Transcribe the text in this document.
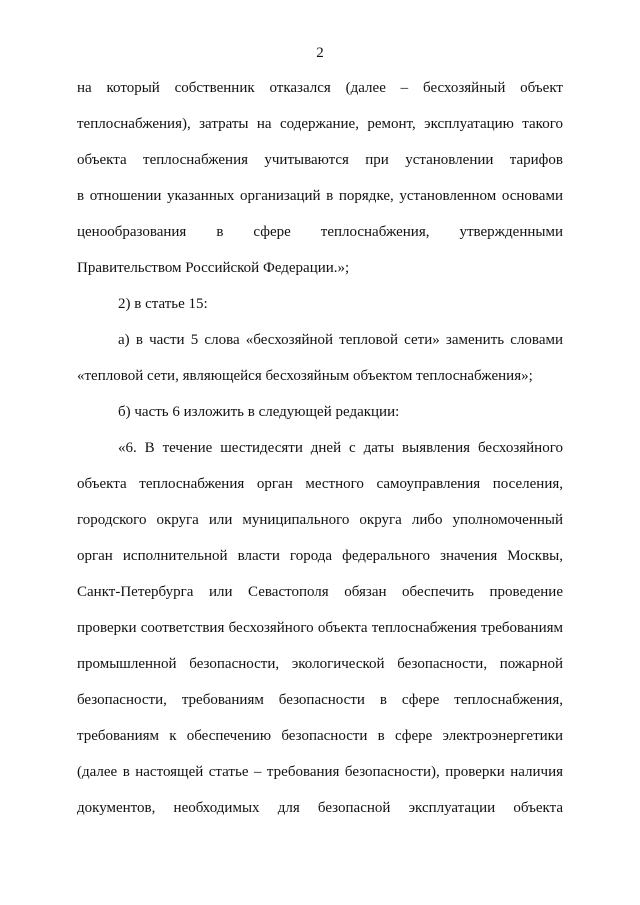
2
на который собственник отказался (далее – бесхозяйный объект
теплоснабжения), затраты на содержание, ремонт, эксплуатацию такого
объекта теплоснабжения учитываются при установлении тарифов
в отношении указанных организаций в порядке, установленном основами
ценообразования в сфере теплоснабжения, утвержденными
Правительством Российской Федерации.»;
2) в статье 15:
а) в части 5 слова «бесхозяйной тепловой сети» заменить словами
«тепловой сети, являющейся бесхозяйным объектом теплоснабжения»;
б) часть 6 изложить в следующей редакции:
«6. В течение шестидесяти дней с даты выявления бесхозяйного
объекта теплоснабжения орган местного самоуправления поселения,
городского округа или муниципального округа либо уполномоченный
орган исполнительной власти города федерального значения Москвы,
Санкт-Петербурга или Севастополя обязан обеспечить проведение
проверки соответствия бесхозяйного объекта теплоснабжения требованиям
промышленной безопасности, экологической безопасности, пожарной
безопасности, требованиям безопасности в сфере теплоснабжения,
требованиям к обеспечению безопасности в сфере электроэнергетики
(далее в настоящей статье – требования безопасности), проверки наличия
документов, необходимых для безопасной эксплуатации объекта
